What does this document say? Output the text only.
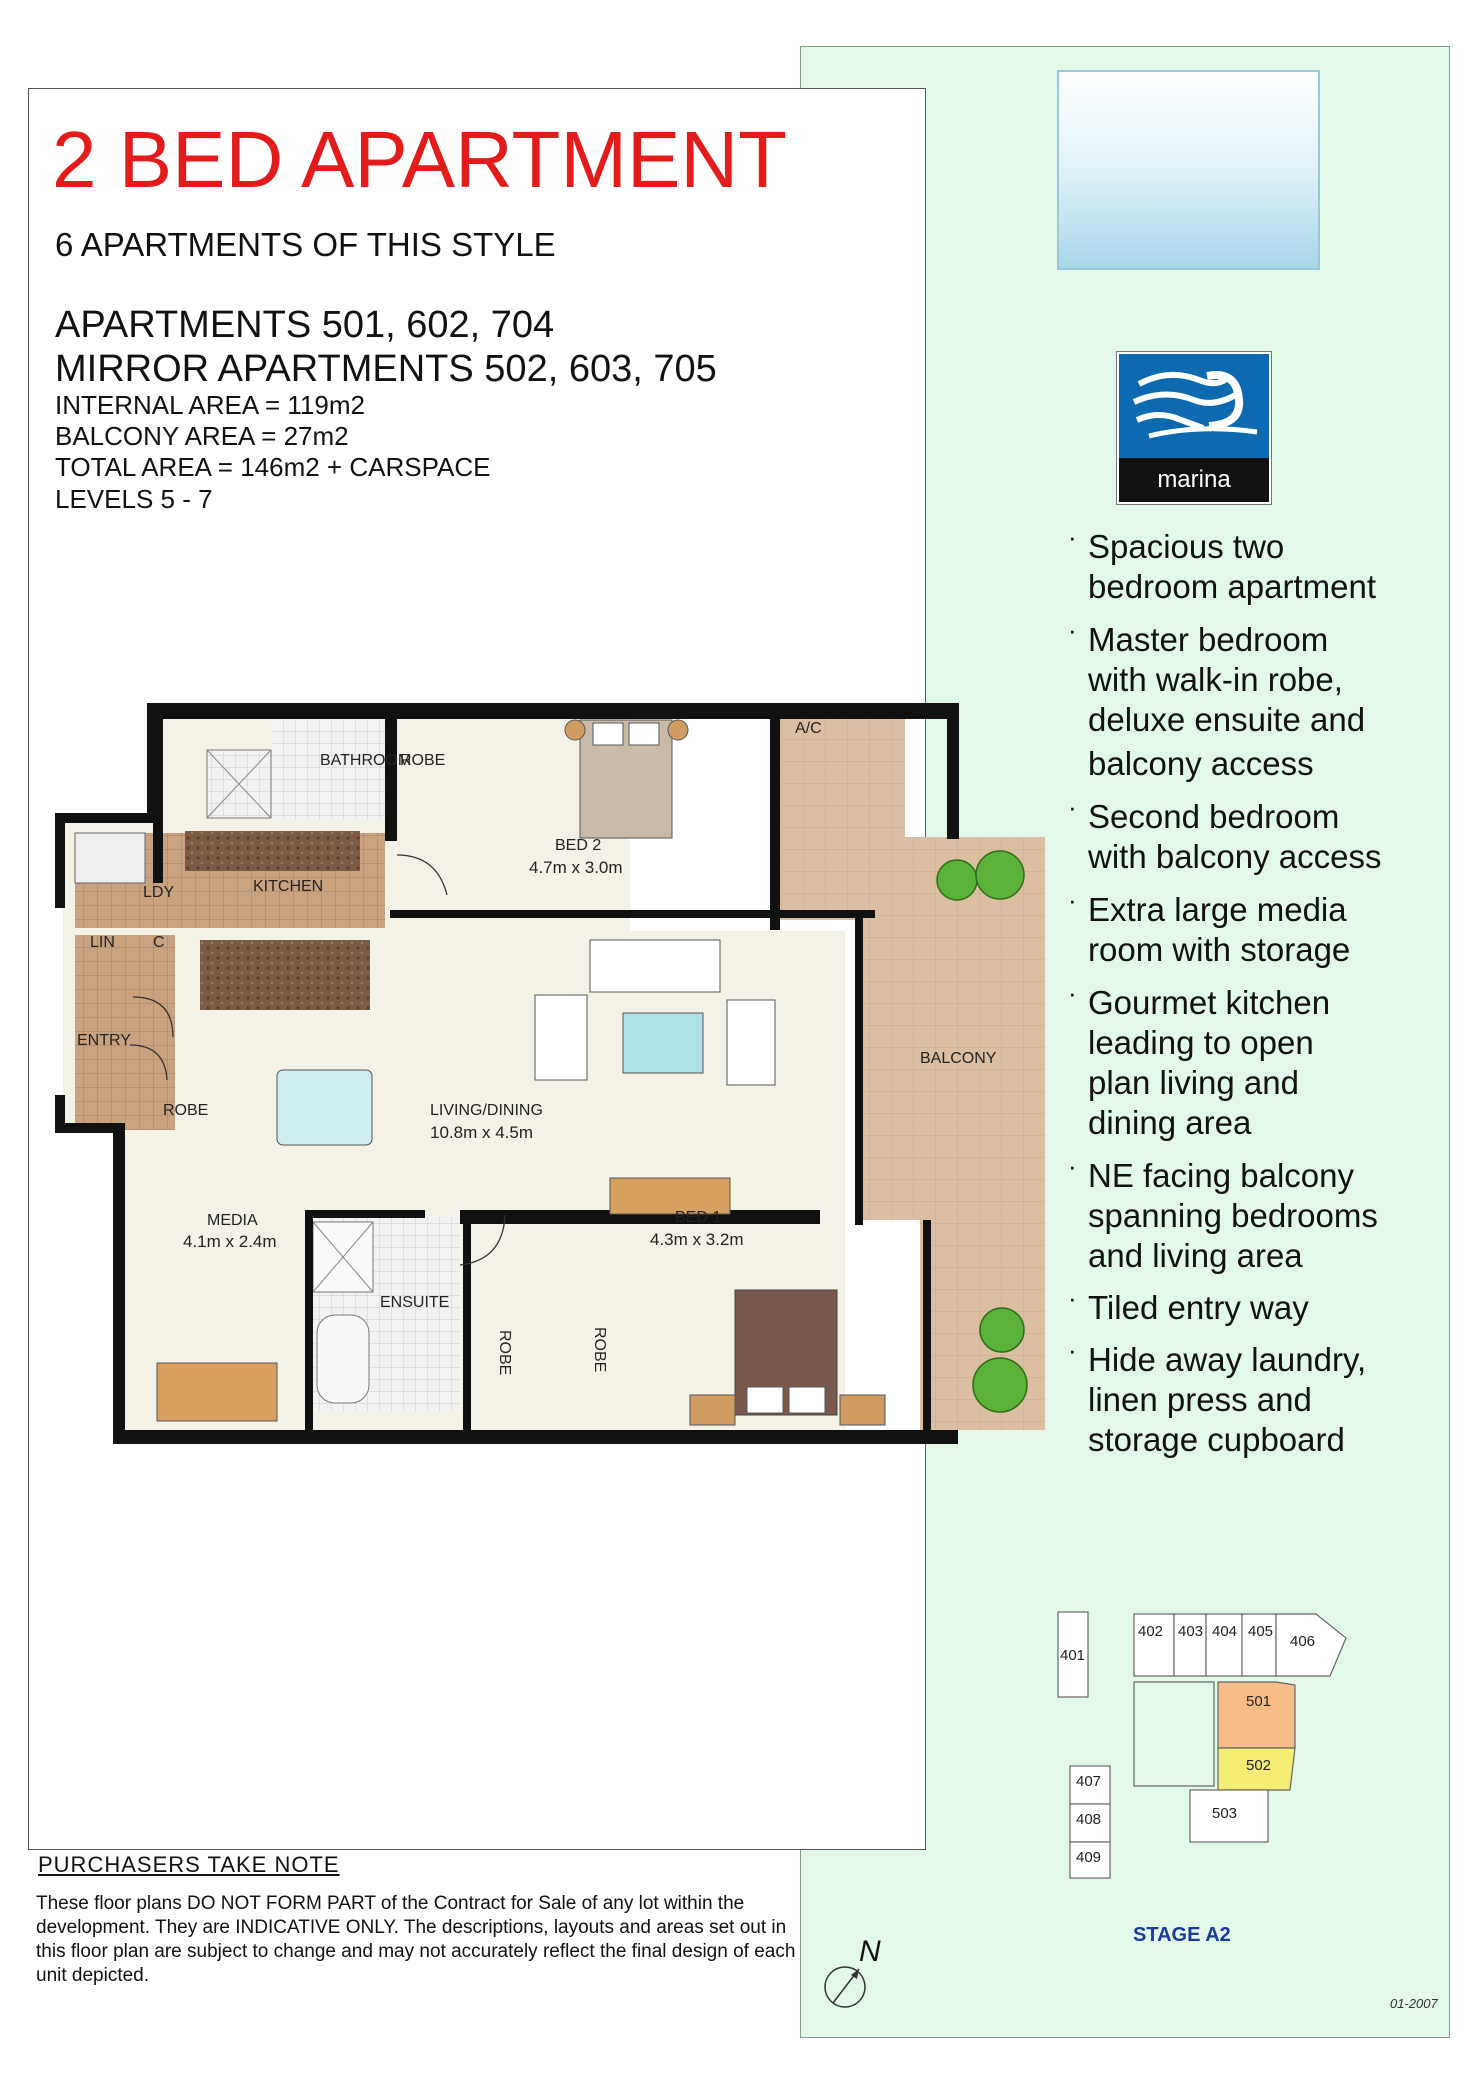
marina
· Spacious two
bedroom apartment
· Master bedroom
with walk-in robe,
deluxe ensuite and
balcony access
· Second bedroom
with balcony access
· Extra large media
room with storage
· Gourmet kitchen
leading to open
plan living and
dining area
· NE facing balcony
spanning bedrooms
and living area
· Tiled entry way
· Hide away laundry,
linen press and
storage cupboard
401
402 403 404 405
406
501
502
503
407
408
409
N	STAGE A2
01-2007
2 BED APARTMENT
6 APARTMENTS OF THIS STYLE
APARTMENTS 501, 602, 704
MIRROR APARTMENTS 502, 603, 705
INTERNAL AREA = 119m2
BALCONY AREA = 27m2
TOTAL AREA = 146m2 + CARSPACE
LEVELS 5 - 7
BATHROOM
ROBE
BED 2
4.7m x 3.0m
A/C
LDY	KITCHEN
LIN C
ENTRY
ROBE	LIVING/DINING
10.8m x 4.5m
BALCONY
MEDIA
4.1m x 2.4m
BED 1
4.3m x 3.2m
ENSUITE
ROBE	ROBE
PURCHASERS TAKE NOTE
These floor plans DO NOT FORM PART of the Contract for Sale of any lot within the development. They are INDICATIVE ONLY. The descriptions, layouts and areas set out in this floor plan are subject to change and may not accurately reflect the final design of each unit depicted.
